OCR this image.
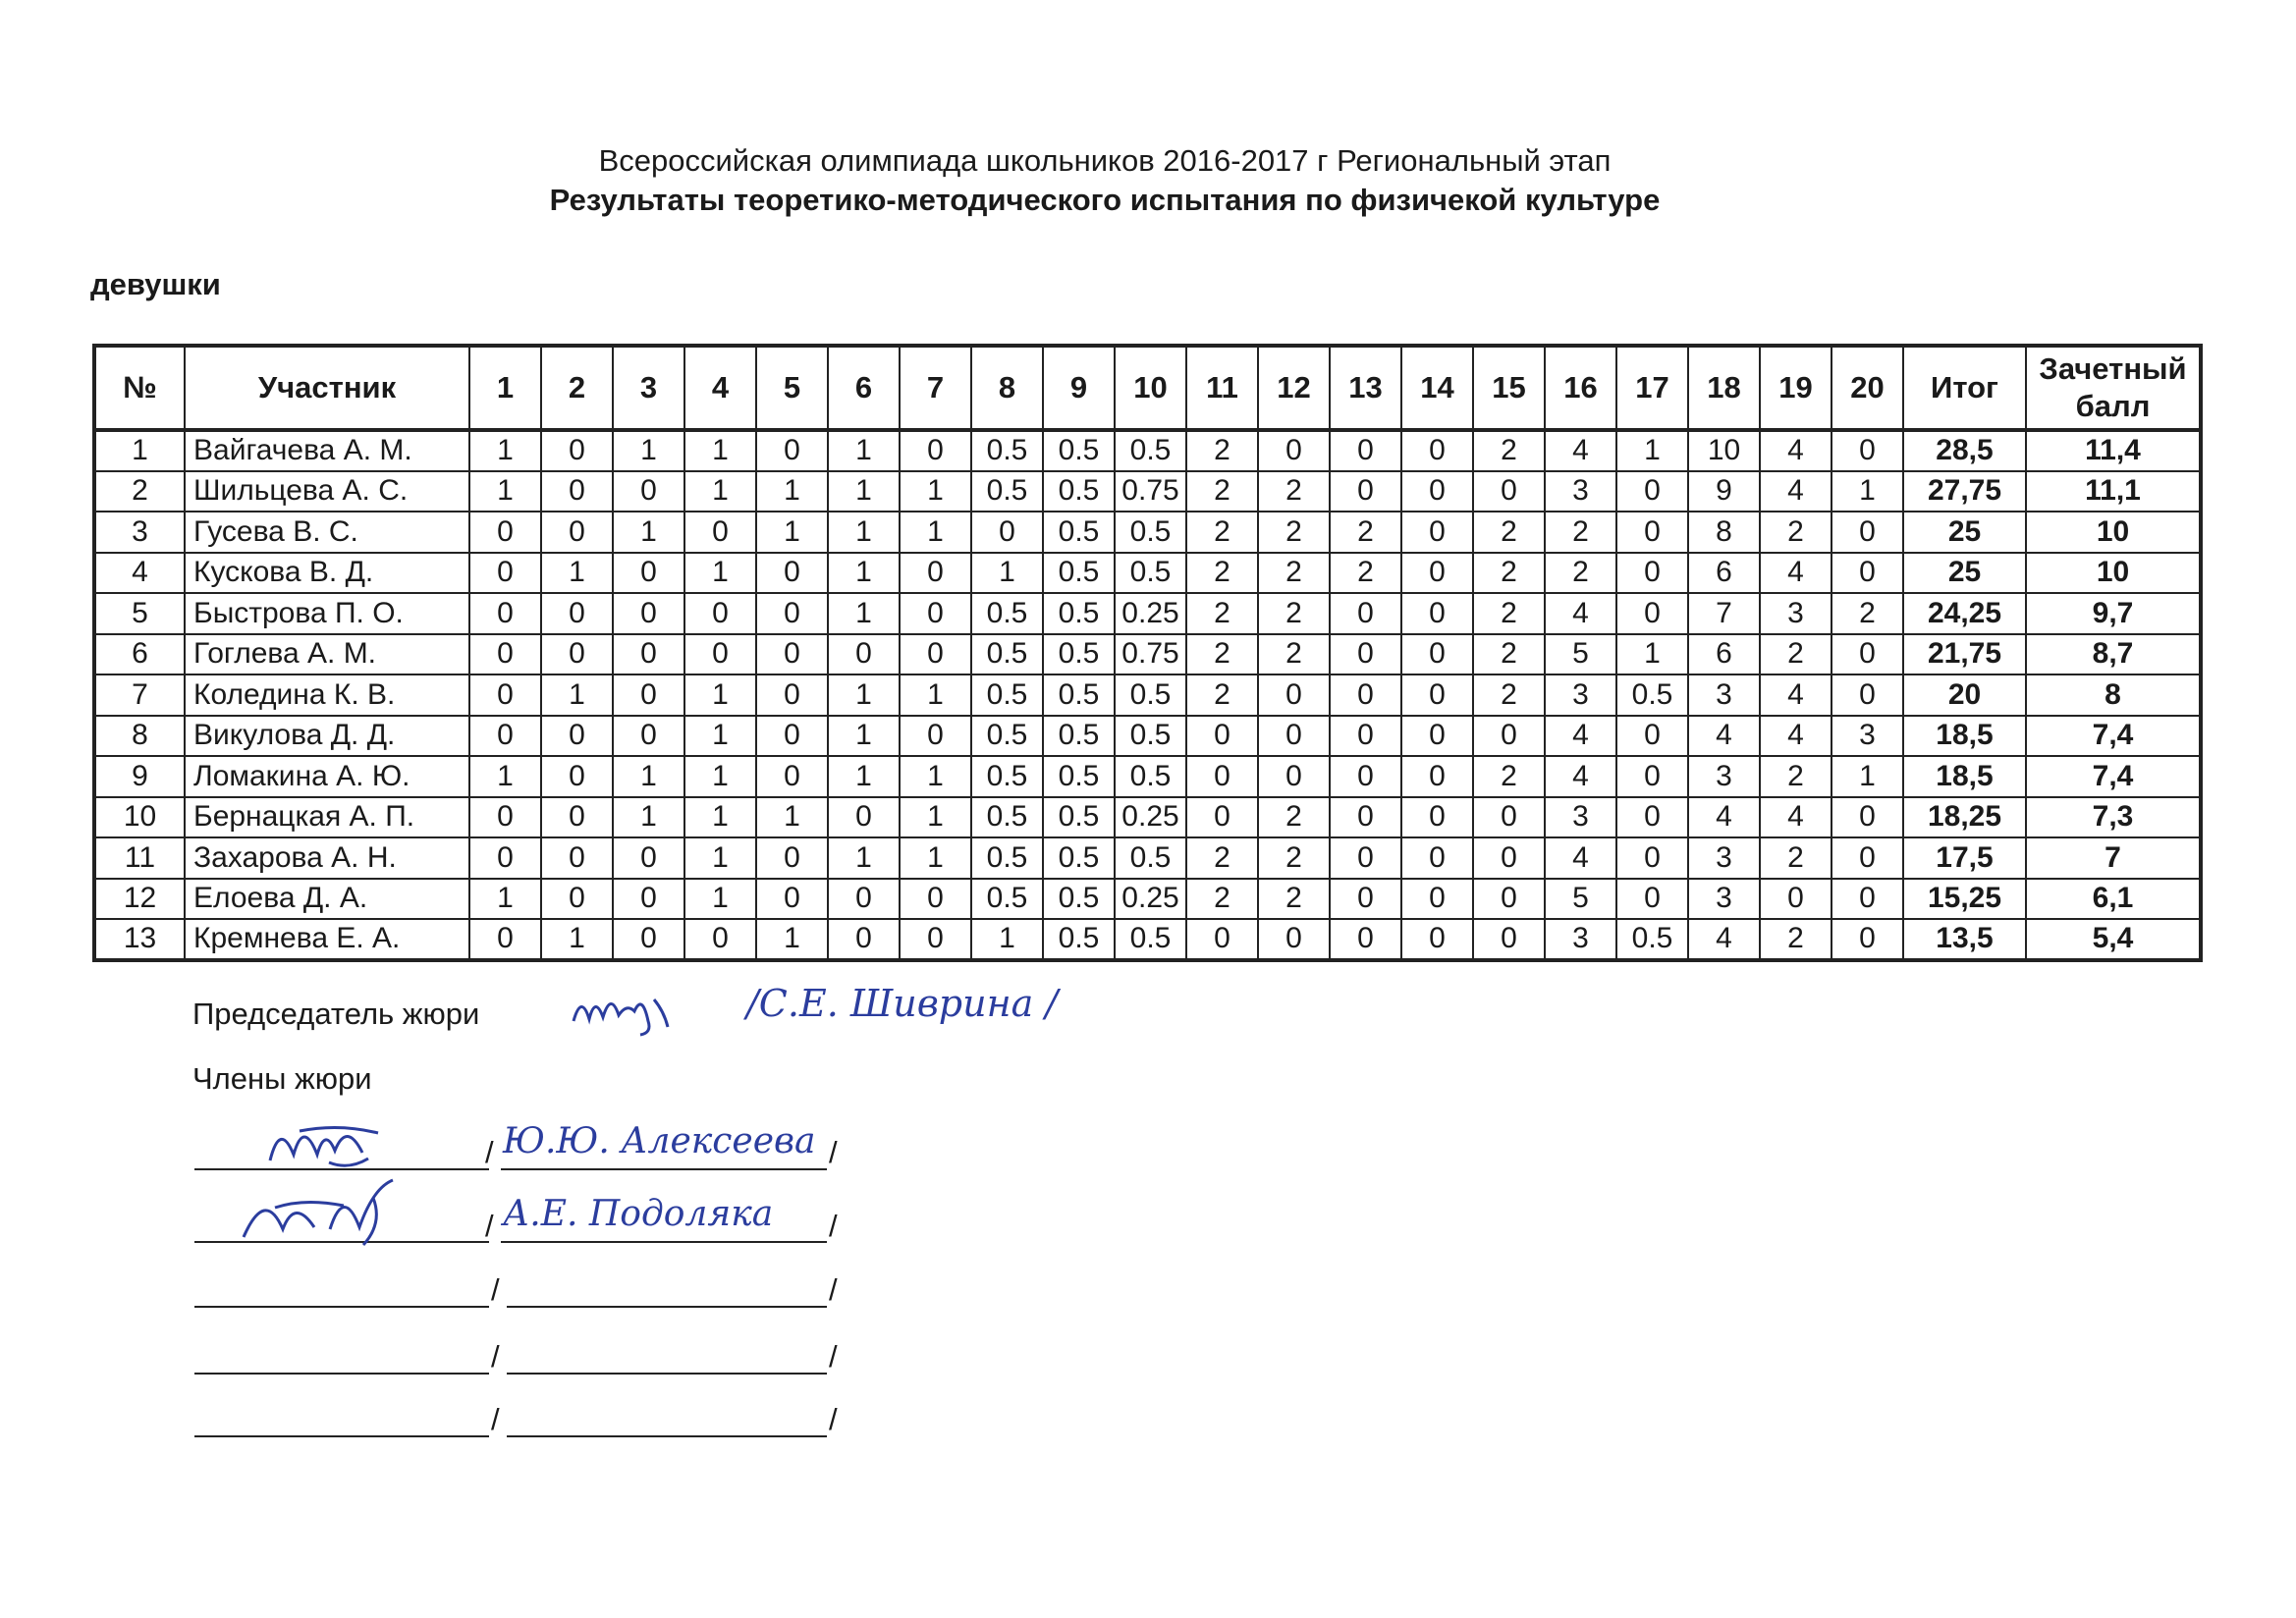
Всероссийская олимпиада школьников 2016-2017 г Региональный этап
Результаты теоретико-методического испытания по физичекой культуре
девушки
№	Участник	1	2	3	4	5	6	7	8	9	10	11	12	13	14	15	16	17	18	19	20	Итог	Зачетный балл
1	Вайгачева А. М.	1	0	1	1	0	1	0	0.5	0.5	0.5	2	0	0	0	2	4	1	10	4	0	28,5	11,4
2	Шильцева А. С.	1	0	0	1	1	1	1	0.5	0.5	0.75	2	2	0	0	0	3	0	9	4	1	27,75	11,1
3	Гусева В. С.	0	0	1	0	1	1	1	0	0.5	0.5	2	2	2	0	2	2	0	8	2	0	25	10
4	Кускова В. Д.	0	1	0	1	0	1	0	1	0.5	0.5	2	2	2	0	2	2	0	6	4	0	25	10
5	Быстрова П. О.	0	0	0	0	0	1	0	0.5	0.5	0.25	2	2	0	0	2	4	0	7	3	2	24,25	9,7
6	Гоглева А. М.	0	0	0	0	0	0	0	0.5	0.5	0.75	2	2	0	0	2	5	1	6	2	0	21,75	8,7
7	Коледина К. В.	0	1	0	1	0	1	1	0.5	0.5	0.5	2	0	0	0	2	3	0.5	3	4	0	20	8
8	Викулова Д. Д.	0	0	0	1	0	1	0	0.5	0.5	0.5	0	0	0	0	0	4	0	4	4	3	18,5	7,4
9	Ломакина А. Ю.	1	0	1	1	0	1	1	0.5	0.5	0.5	0	0	0	0	2	4	0	3	2	1	18,5	7,4
10	Бернацкая А. П.	0	0	1	1	1	0	1	0.5	0.5	0.25	0	2	0	0	0	3	0	4	4	0	18,25	7,3
11	Захарова А. Н.	0	0	0	1	0	1	1	0.5	0.5	0.5	2	2	0	0	0	4	0	3	2	0	17,5	7
12	Елоева Д. А.	1	0	0	1	0	0	0	0.5	0.5	0.25	2	2	0	0	0	5	0	3	0	0	15,25	6,1
13	Кремнева Е. А.	0	1	0	0	1	0	0	1	0.5	0.5	0	0	0	0	0	3	0.5	4	2	0	13,5	5,4
Председатель жюри	/С.Е. Шиврина /
Члены жюри
/ Ю.Ю. Алексеева /
/ А.Е. Подоляка /
/	/
/	/
/	/
